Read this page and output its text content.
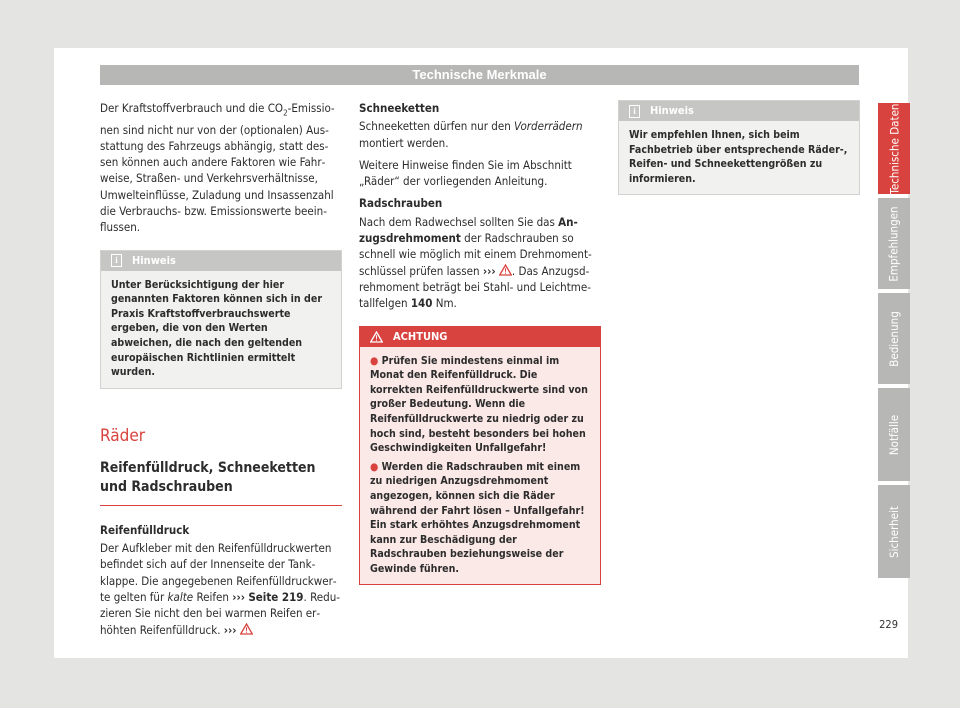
Technische Merkmale

Der Kraftstoffverbrauch und die $CO_2$-Emissionen sind nicht nur von der (optionalen) Ausstattung des Fahrzeugs abhängig, statt dessen können auch andere Faktoren wie Fahrweise, Straßen- und Verkehrsverhältnisse, Umwelteinflüsse, Zuladung und Insassenzahl die Verbrauchs- bzw. Emissionswerte beeinflussen.

i	Hinweis
Unter Berücksichtigung der hier genannten Faktoren können sich in der Praxis Kraftstoffverbrauchswerte ergeben, die von den Werten abweichen, die nach den geltenden europäischen Richtlinien ermittelt wurden.
Räder
Reifenfülldruck, Schneeketten und Radschrauben

Reifenfülldruck

Der Aufkleber mit den Reifenfülldruckwerten befindet sich auf der Innenseite der Tankklappe. Die angegebenen Reifenfülldruckwerte gelten für kalte Reifen ››› Seite 219. Reduzieren Sie nicht den bei warmen Reifen erhöhten Reifenfülldruck. ›››

Schneeketten

Schneeketten dürfen nur den Vorderrädern montiert werden.

Weitere Hinweise finden Sie im Abschnitt „Räder“ der vorliegenden Anleitung.

Radschrauben

Nach dem Radwechsel sollten Sie das Anzugsdrehmoment der Radschrauben so schnell wie möglich mit einem Drehmomentschlüssel prüfen lassen ››› . Das Anzugsdrehmoment beträgt bei Stahl- und Leichtmetallfelgen 140 Nm.

ACHTUNG

● Prüfen Sie mindestens einmal im Monat den Reifenfülldruck. Die korrekten Reifenfülldruckwerte sind von großer Bedeutung. Wenn die Reifenfülldruckwerte zu niedrig oder zu hoch sind, besteht besonders bei hohen Geschwindigkeiten Unfallgefahr!

● Werden die Radschrauben mit einem zu niedrigen Anzugsdrehmoment angezogen, können sich die Räder während der Fahrt lösen – Unfallgefahr! Ein stark erhöhtes Anzugsdrehmoment kann zur Beschädigung der Radschrauben beziehungsweise der Gewinde führen.

i	Hinweis
Wir empfehlen Ihnen, sich beim Fachbetrieb über entsprechende Räder-, Reifen- und Schneekettengrößen zu informieren.	Technische Daten
Empfehlungen
Bedienung
Notfälle
Sicherheit
229
